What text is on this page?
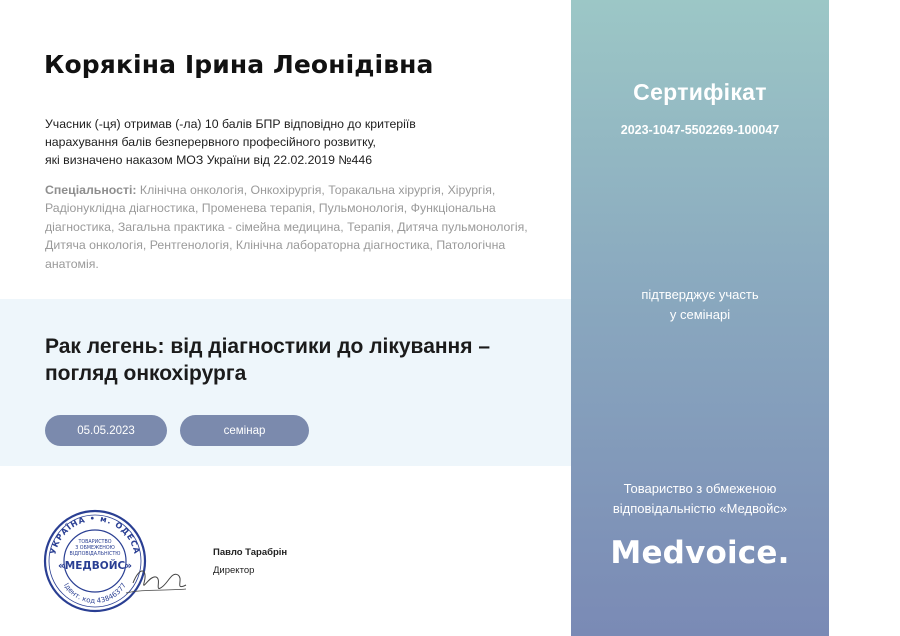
Корякіна Ірина Леонідівна
Учасник (-ця) отримав (-ла) 10 балів БПР відповідно до критеріїв
нарахування балів безперервного професійного розвитку,
які визначено наказом МОЗ України від 22.02.2019 №446
Спеціальності: Клінічна онкологія, Онкохірургія, Торакальна хірургія, Хірургія, Радіонуклідна діагностика, Променева терапія, Пульмонологія, Функціональна діагностика, Загальна практика - сімейна медицина, Терапія, Дитяча пульмонологія, Дитяча онкологія, Рентгенологія, Клінічна лабораторна діагностика, Патологічна анатомія.
Рак легень: від діагностики до лікування – погляд онкохірурга
05.05.2023	семінар
УКРАЇНА • м. ОДЕСА
Ідент. код 43846377
ТОВАРИСТВО
З ОБМЕЖЕНОЮ
ВІДПОВІДАЛЬНІСТЮ
«МЕДВОЙС»
Павло Тарабрін
Директор
Сертифікат
2023-1047-5502269-100047
підтверджує участь
у семінарі
Товариство з обмеженою
відповідальністю «Медвойс»
Medvoice.
